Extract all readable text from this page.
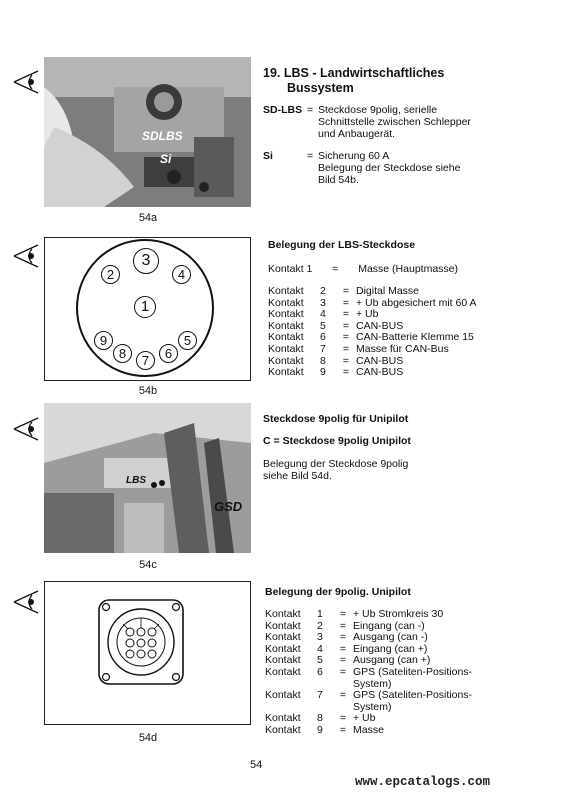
SDLBS
Si
54a
19. LBS - Landwirtschaftliches
Bussystem
SD-LBS = Steckdose 9polig, serielle
Schnittstelle zwischen Schlepper
und Anbaugerät.
Si	= Sicherung 60 A
Belegung der Steckdose siehe
Bild 54b.
3
2	4
1
9	5
8	6
7
54b
Belegung der LBS-Steckdose
Kontakt 1 = Masse (Hauptmasse)
Kontakt	2	=	Digital Masse
Kontakt	3	=	+ Ub abgesichert mit 60 A
Kontakt	4	=	+ Ub
Kontakt	5	=	CAN-BUS
Kontakt	6	=	CAN-Batterie Klemme 15
Kontakt	7	=	Masse für CAN-Bus
Kontakt	8	=	CAN-BUS
Kontakt	9	=	CAN-BUS
LBS
GSD
54c
Steckdose 9polig für Unipilot
C = Steckdose 9polig Unipilot
Belegung der Steckdose 9polig
siehe Bild 54d.
54d
Belegung der 9polig. Unipilot
Kontakt	1	=	+ Ub Stromkreis 30
Kontakt	2	=	Eingang (can -)
Kontakt	3	=	Ausgang (can -)
Kontakt	4	=	Eingang (can +)
Kontakt	5	=	Ausgang (can +)
Kontakt	6	=	GPS (Sateliten-Positions-
System)

Kontakt	7	=	GPS (Sateliten-Positions-
System)

Kontakt	8	=	+ Ub
Kontakt	9	=	Masse
54
www.epcatalogs.com
